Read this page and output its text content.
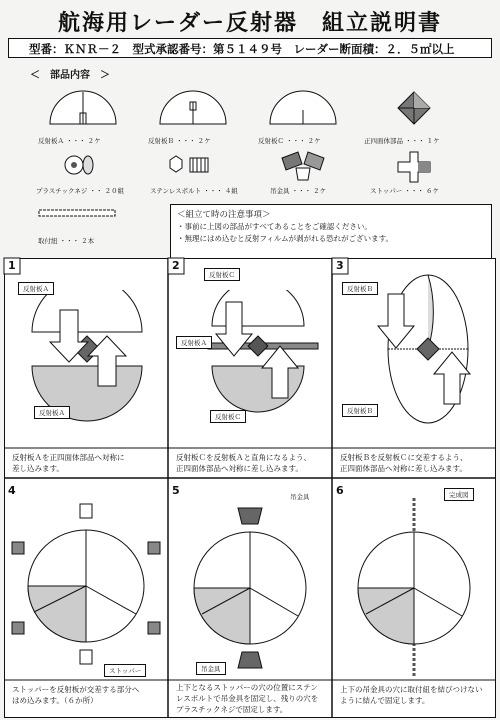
航海用レーダー反射器　組立説明書
型番：ＫＮＲ－２　型式承認番号：第５１４９号　レーダー断面積：２．５㎡以上
＜　部品内容　＞
反射板Ａ ・・・ ２ケ	反射板Ｂ ・・・ ２ケ	反射板Ｃ ・・・ ２ケ	正四面体部品 ・・・ １ケ
プラスチックネジ ・・ ２０組	ステンレスボルト ・・・ ４組	吊金具 ・・・ ２ケ	ストッパー ・・・ ６ケ
取付紐 ・・・ ２本
＜組立て時の注意事項＞
・事前に上図の部品がすべてあることをご確認ください。
・無理にはめ込むと反射フィルムが剥がれる恐れがございます。
1	2	3
4	5	6
反射板Ａ
反射板Ａ
反射板Ｃ
反射板Ａ
反射板Ｃ
反射板Ｂ
反射板Ｂ
ストッパー
吊金具
吊金具
完成図
反射板Ａを正四面体部品へ対称に
差し込みます。
反射板Ｃを反射板Ａと直角になるよう、
正四面体部品へ対称に差し込みます。
反射板Ｂを反射板Ｃに交差するよう、
正四面体部品へ対称に差し込みます。
ストッパーを反射板が交差する部分へ
はめ込みます。（６か所）
上下となるストッパーの穴の位置にステン
レスボルトで吊金具を固定し、残りの穴を
プラスチックネジで固定します。
上下の吊金具の穴に取付紐を結びつけない
ように結んで固定します。
